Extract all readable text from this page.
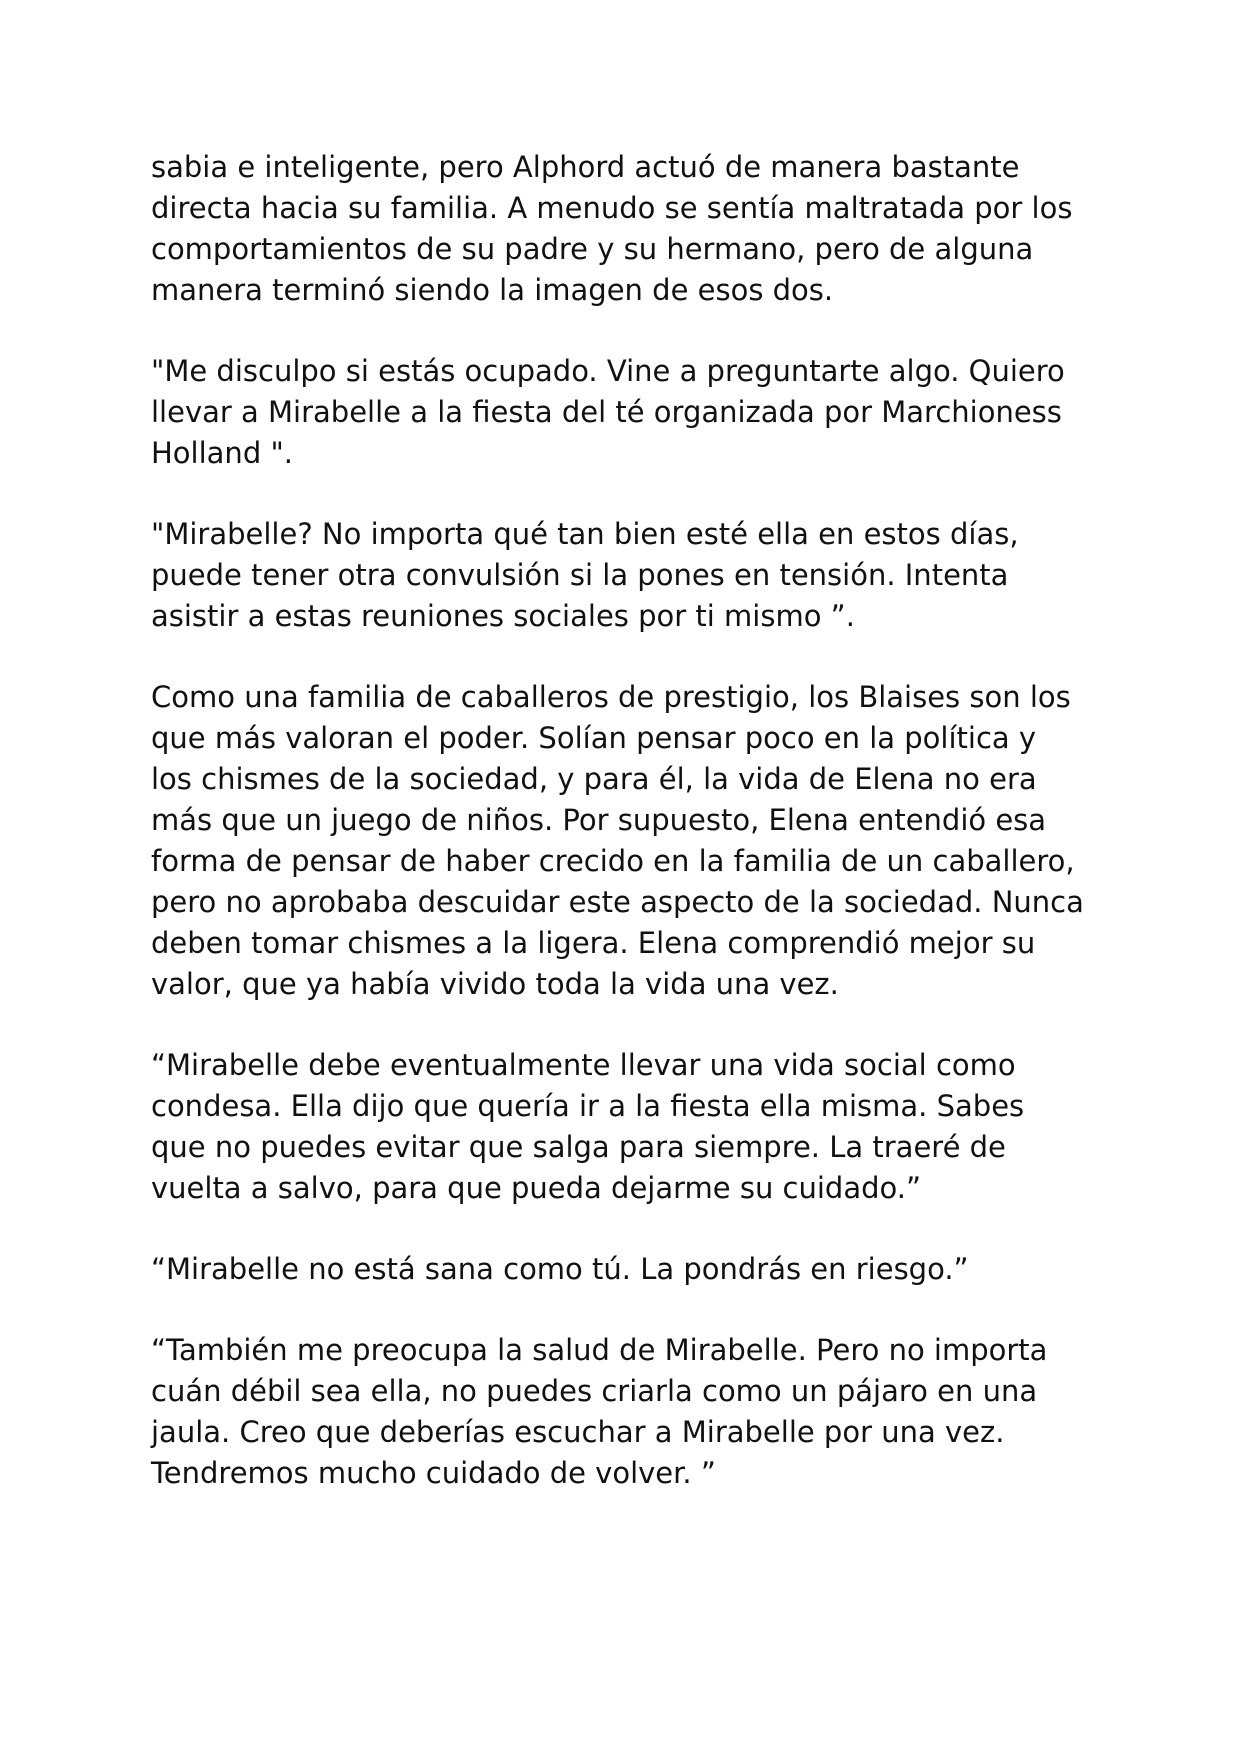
sabia e inteligente, pero Alphord actuó de manera bastante
directa hacia su familia. A menudo se sentía maltratada por los
comportamientos de su padre y su hermano, pero de alguna
manera terminó siendo la imagen de esos dos.

"Me disculpo si estás ocupado. Vine a preguntarte algo. Quiero
llevar a Mirabelle a la fiesta del té organizada por Marchioness
Holland ".

"Mirabelle? No importa qué tan bien esté ella en estos días,
puede tener otra convulsión si la pones en tensión. Intenta
asistir a estas reuniones sociales por ti mismo ”.

Como una familia de caballeros de prestigio, los Blaises son los
que más valoran el poder. Solían pensar poco en la política y
los chismes de la sociedad, y para él, la vida de Elena no era
más que un juego de niños. Por supuesto, Elena entendió esa
forma de pensar de haber crecido en la familia de un caballero,
pero no aprobaba descuidar este aspecto de la sociedad. Nunca
deben tomar chismes a la ligera. Elena comprendió mejor su
valor, que ya había vivido toda la vida una vez.

“Mirabelle debe eventualmente llevar una vida social como
condesa. Ella dijo que quería ir a la fiesta ella misma. Sabes
que no puedes evitar que salga para siempre. La traeré de
vuelta a salvo, para que pueda dejarme su cuidado.”

“Mirabelle no está sana como tú. La pondrás en riesgo.”

“También me preocupa la salud de Mirabelle. Pero no importa
cuán débil sea ella, no puedes criarla como un pájaro en una
jaula. Creo que deberías escuchar a Mirabelle por una vez.
Tendremos mucho cuidado de volver. ”
